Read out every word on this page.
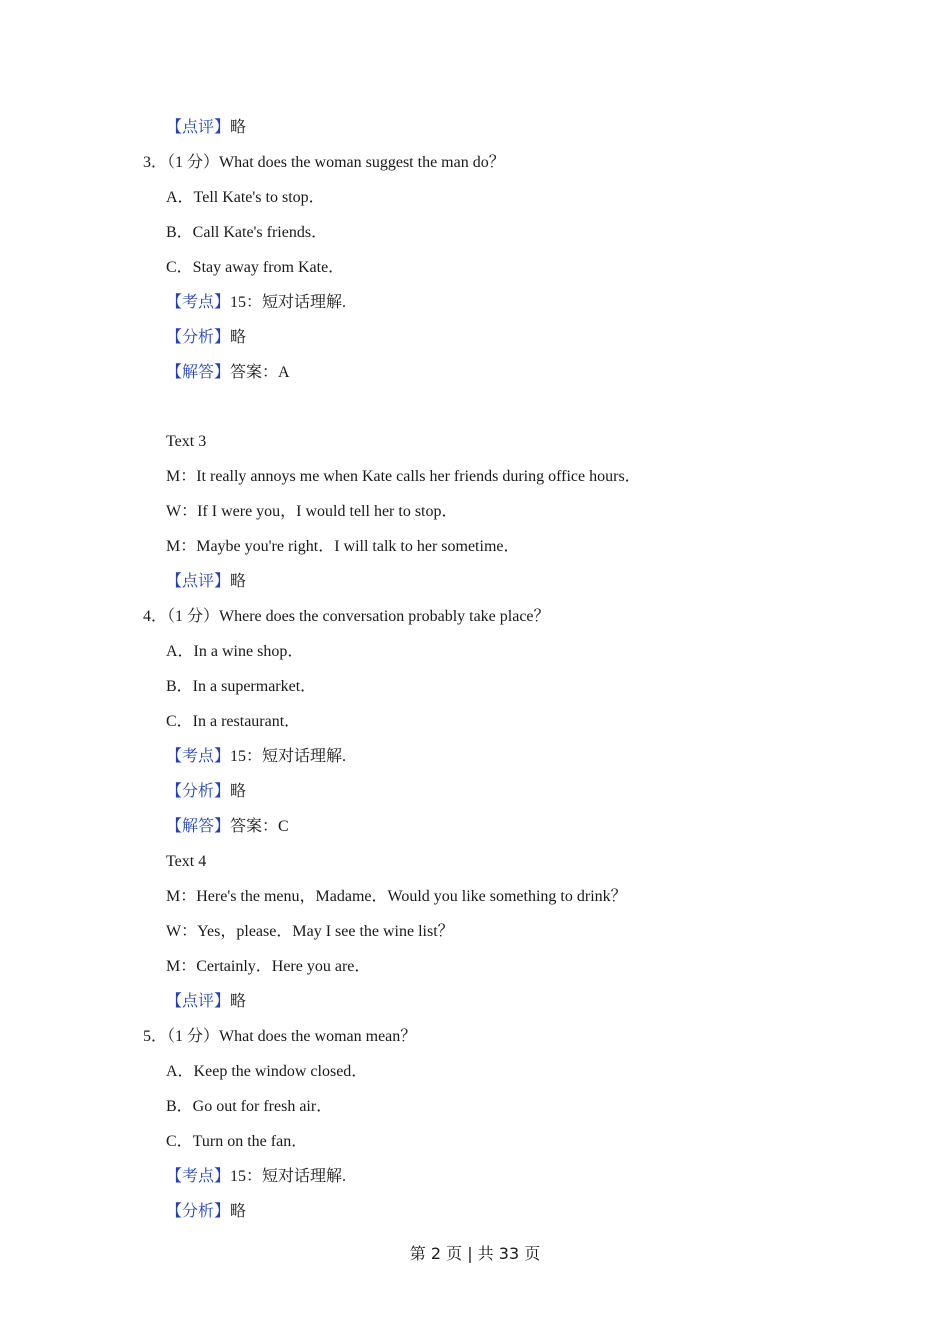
【点评】略
3．（1 分）What does the woman suggest the man do？
A．Tell Kate's to stop．
B．Call Kate's friends．
C．Stay away from Kate．
【考点】15：短对话理解.
【分析】略
【解答】答案：A
Text 3
M：It really annoys me when Kate calls her friends during office hours．
W：If I were you，I would tell her to stop．
M：Maybe you're right．I will talk to her sometime．
【点评】略
4．（1 分）Where does the conversation probably take place？
A．In a wine shop．
B．In a supermarket．
C．In a restaurant．
【考点】15：短对话理解.
【分析】略
【解答】答案：C
Text 4
M：Here's the menu，Madame．Would you like something to drink？
W：Yes，please．May I see the wine list？
M：Certainly．Here you are．
【点评】略
5．（1 分）What does the woman mean？
A．Keep the window closed．
B．Go out for fresh air．
C．Turn on the fan．
【考点】15：短对话理解.
【分析】略
第 2 页 | 共 33 页
